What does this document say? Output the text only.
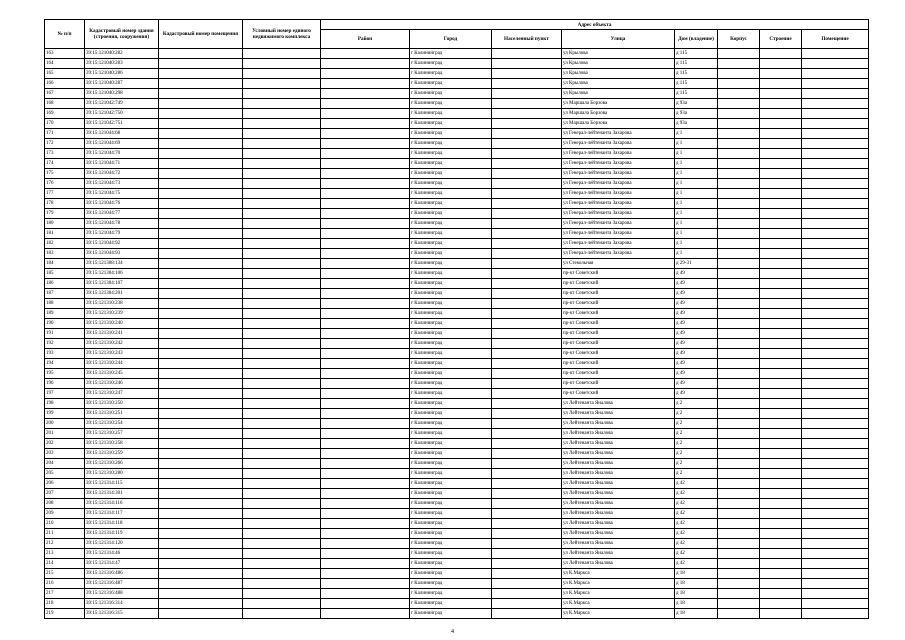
№ п/п	Кадастровый номер здания (строения, сооружения)	Кадастровый номер помещения	Условный номер единого недвижимого комплекса	Адрес объекта							
				Район	Город	Населенный пункт	Улица	Дом (владение)	Корпус	Строение	Помещение
163	39:15:121040:282				г Калининград		ул Крылова	д 115			
164	39:15:121040:283				г Калининград		ул Крылова	д 115			
165	39:15:121040:286				г Калининград		ул Крылова	д 115			
166	39:15:121040:287				г Калининград		ул Крылова	д 115			
167	39:15:121040:298				г Калининград		ул Крылова	д 115			
168	39:15:121042:749				г Калининград		ул Маршала Борзова	д 93а			
169	39:15:121042:750				г Калининград		ул Маршала Борзова	д 93а			
170	39:15:121042:751				г Калининград		ул Маршала Борзова	д 93а			
171	39:15:121044:68				г Калининград		ул Генерал-лейтенанта Захарова	д 1			
172	39:15:121044:69				г Калининград		ул Генерал-лейтенанта Захарова	д 1			
173	39:15:121044:70				г Калининград		ул Генерал-лейтенанта Захарова	д 1			
174	39:15:121044:71				г Калининград		ул Генерал-лейтенанта Захарова	д 1			
175	39:15:121044:72				г Калининград		ул Генерал-лейтенанта Захарова	д 1			
176	39:15:121044:73				г Калининград		ул Генерал-лейтенанта Захарова	д 1			
177	39:15:121044:75				г Калининград		ул Генерал-лейтенанта Захарова	д 1			
178	39:15:121044:76				г Калининград		ул Генерал-лейтенанта Захарова	д 1			
179	39:15:121044:77				г Калининград		ул Генерал-лейтенанта Захарова	д 1			
180	39:15:121044:78				г Калининград		ул Генерал-лейтенанта Захарова	д 1			
181	39:15:121044:79				г Калининград		ул Генерал-лейтенанта Захарова	д 1			
182	39:15:121044:92				г Калининград		ул Генерал-лейтенанта Захарова	д 1			
183	39:15:121044:93				г Калининград		ул Генерал-лейтенанта Захарова	д 1			
184	39:15:121308:134				г Калининград		ул Стекольная	д 29-31			
185	39:15:121304:106				г Калининград		пр-кт Советский	д 49			
186	39:15:121304:107				г Калининград		пр-кт Советский	д 49			
187	39:15:121304:201				г Калининград		пр-кт Советский	д 49			
188	39:15:121310:238				г Калининград		пр-кт Советский	д 49			
189	39:15:121310:239				г Калининград		пр-кт Советский	д 49			
190	39:15:121310:240				г Калининград		пр-кт Советский	д 49			
191	39:15:121310:241				г Калининград		пр-кт Советский	д 49			
192	39:15:121310:242				г Калининград		пр-кт Советский	д 49			
193	39:15:121310:243				г Калининград		пр-кт Советский	д 49			
194	39:15:121310:244				г Калининград		пр-кт Советский	д 49			
195	39:15:121310:245				г Калининград		пр-кт Советский	д 49			
196	39:15:121310:246				г Калининград		пр-кт Советский	д 49			
197	39:15:121310:247				г Калининград		пр-кт Советский	д 49			
198	39:15:121310:250				г Калининград		ул Лейтенанта Яналова	д 2			
199	39:15:121310:251				г Калининград		ул Лейтенанта Яналова	д 2			
200	39:15:121310:254				г Калининград		ул Лейтенанта Яналова	д 2			
201	39:15:121310:257				г Калининград		ул Лейтенанта Яналова	д 2			
202	39:15:121310:258				г Калининград		ул Лейтенанта Яналова	д 2			
203	39:15:121310:259				г Калининград		ул Лейтенанта Яналова	д 2			
204	39:15:121310:266				г Калининград		ул Лейтенанта Яналова	д 2			
205	39:15:121310:280				г Калининград		ул Лейтенанта Яналова	д 2			
206	39:15:121314:115				г Калининград		ул Лейтенанта Яналова	д 42			
207	39:15:121314:301				г Калининград		ул Лейтенанта Яналова	д 42			
208	39:15:121314:116				г Калининград		ул Лейтенанта Яналова	д 42			
209	39:15:121314:117				г Калининград		ул Лейтенанта Яналова	д 42			
210	39:15:121314:118				г Калининград		ул Лейтенанта Яналова	д 42			
211	39:15:121314:119				г Калининград		ул Лейтенанта Яналова	д 42			
212	39:15:121314:120				г Калининград		ул Лейтенанта Яналова	д 42			
213	39:15:121314:46				г Калининград		ул Лейтенанта Яналова	д 42			
214	39:15:121314:47				г Калининград		ул Лейтенанта Яналова	д 42			
215	39:15:121316:486				г Калининград		ул К.Маркса	д 18			
216	39:15:121316:487				г Калининград		ул К.Маркса	д 18			
217	39:15:121316:488				г Калининград		ул К.Маркса	д 18			
218	39:15:121316:314				г Калининград		ул К.Маркса	д 18			
219	39:15:121316:315				г Калининград		ул К.Маркса	д 18			
4
